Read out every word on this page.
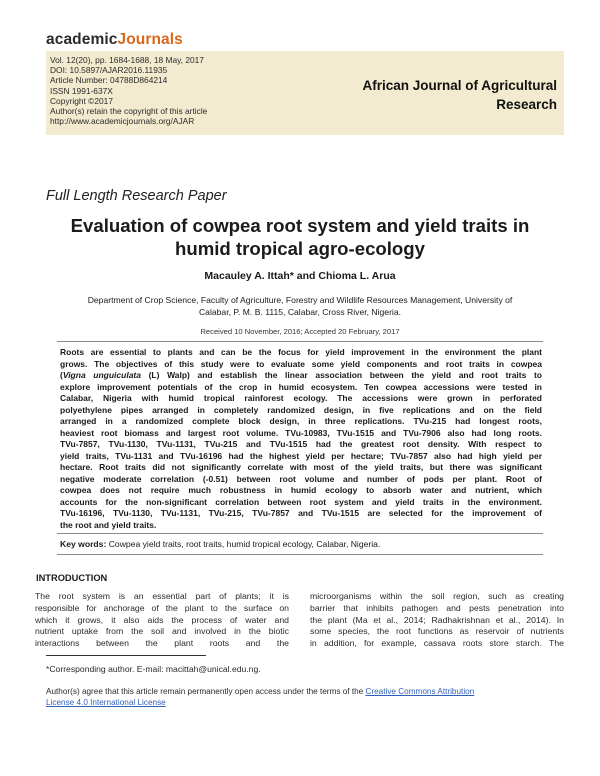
academicJournals
Vol. 12(20), pp. 1684-1688, 18 May, 2017
DOI: 10.5897/AJAR2016.11935
Article Number: 04788D864214
ISSN 1991-637X
Copyright ©2017
Author(s) retain the copyright of this article
http://www.academicjournals.org/AJAR
African Journal of Agricultural
Research
Full Length Research Paper
Evaluation of cowpea root system and yield traits in
humid tropical agro-ecology
Macauley A. Ittah* and Chioma L. Arua
Department of Crop Science, Faculty of Agriculture, Forestry and Wildlife Resources Management, University of
Calabar, P. M. B. 1115, Calabar, Cross River, Nigeria.
Received 10 November, 2016; Accepted 20 February, 2017
Roots are essential to plants and can be the focus for yield improvement in the environment the plant
grows. The objectives of this study were to evaluate some yield components and root traits in cowpea
(Vigna unguiculata (L) Walp) and establish the linear association between the yield and root traits to
explore improvement potentials of the crop in humid ecosystem. Ten cowpea accessions were tested in
Calabar, Nigeria with humid tropical rainforest ecology. The accessions were grown in perforated
polyethylene pipes arranged in completely randomized design, in five replications and on the field
arranged in a randomized complete block design, in three replications. TVu-215 had longest roots,
heaviest root biomass and largest root volume. TVu-10983, TVu-1515 and TVu-7906 also had long roots.
TVu-7857, TVu-1130, TVu-1131, TVu-215 and TVu-1515 had the greatest root density. With respect to
yield traits, TVu-1131 and TVu-16196 had the highest yield per hectare; TVu-7857 also had high yield per
hectare. Root traits did not significantly correlate with most of the yield traits, but there was significant
negative moderate correlation (-0.51) between root volume and number of pods per plant. Root of
cowpea does not require much robustness in humid ecology to absorb water and nutrient, which
accounts for the non-significant correlation between root system and yield traits in the environment.
TVu-16196, TVu-1130, TVu-1131, TVu-215, TVu-7857 and TVu-1515 are selected for the improvement of
the root and yield traits.
Key words: Cowpea yield traits, root traits, humid tropical ecology, Calabar, Nigeria.
INTRODUCTION
The root system is an essential part of plants; it is
responsible for anchorage of the plant to the surface on
which it grows, it also aids the process of water and
nutrient uptake from the soil and involved in the biotic
interactions between the plant roots and the
microorganisms within the soil region, such as creating
barrier that inhibits pathogen and pests penetration into
the plant (Ma et al., 2014; Radhakrishnan et al., 2014). In
some species, the root functions as reservoir of nutrients
in addition, for example, cassava roots store starch. The
*Corresponding author. E-mail: macittah@unical.edu.ng.
Author(s) agree that this article remain permanently open access under the terms of the Creative Commons Attribution
License 4.0 International License
